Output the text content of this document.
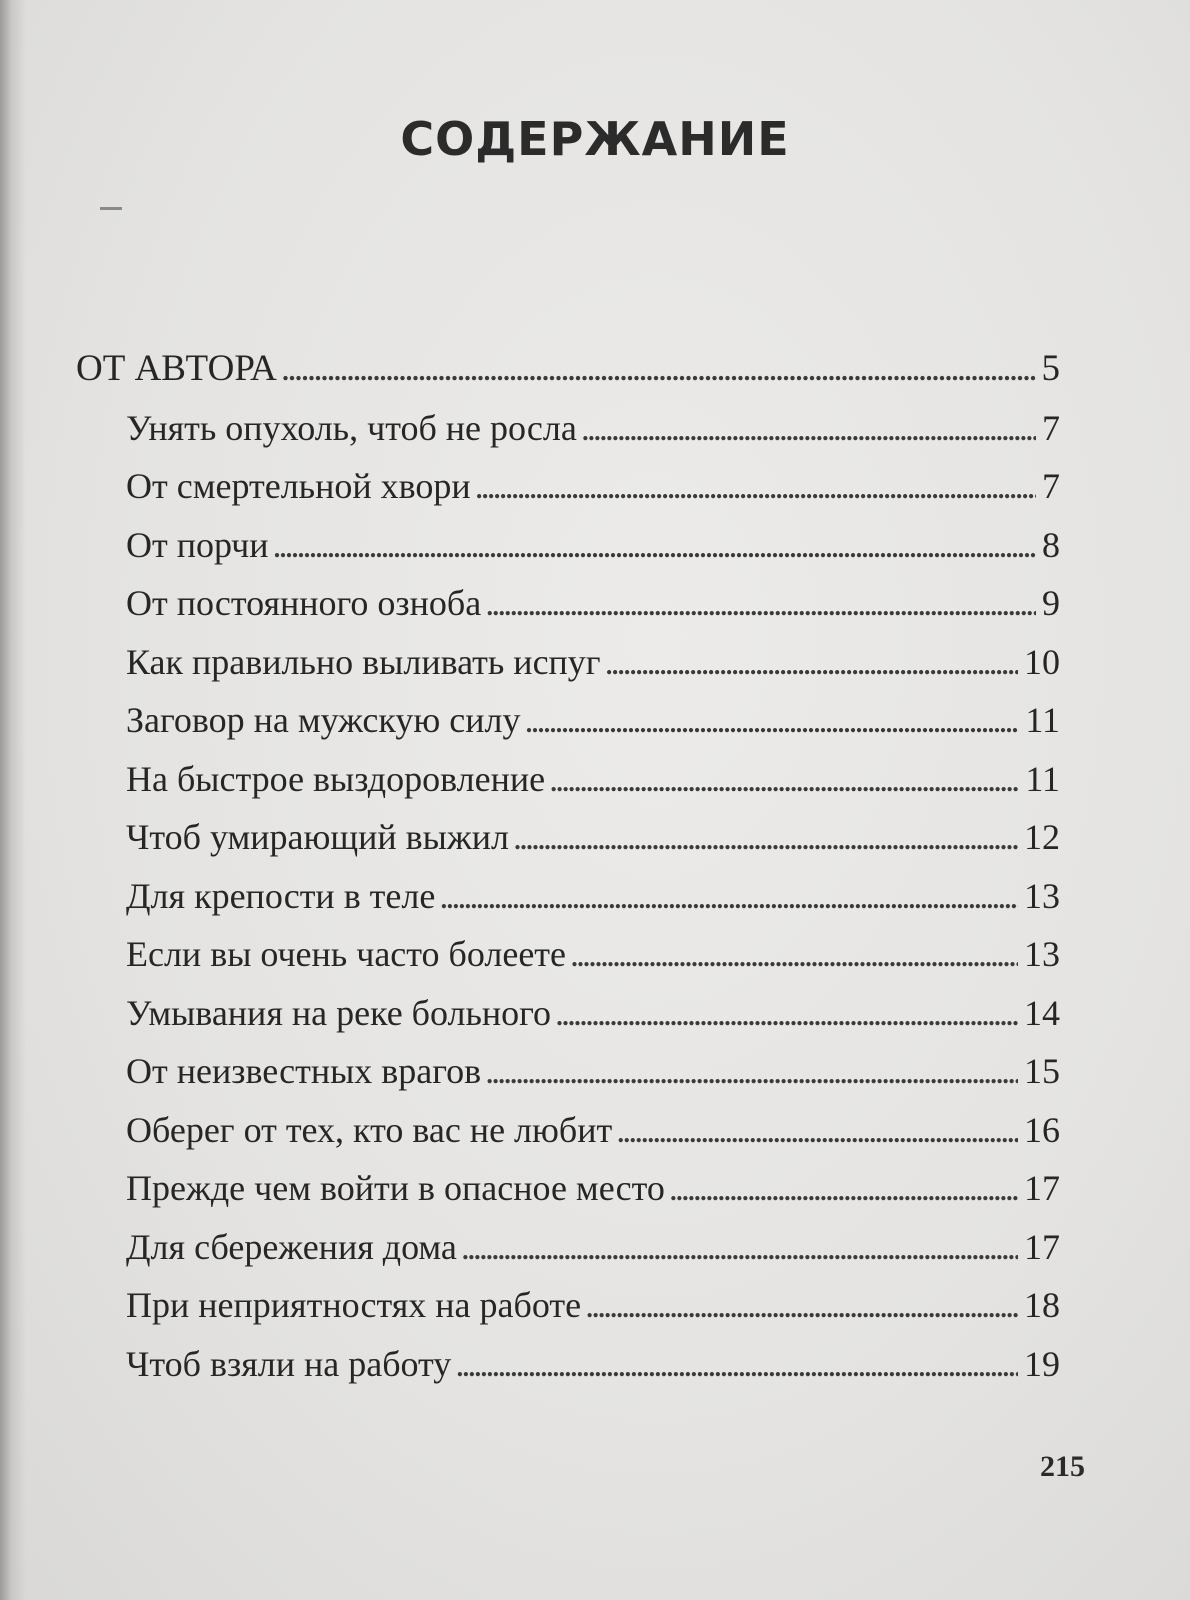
СОДЕРЖАНИЕ
ОТ АВТОРА . . .	5
Унять опухоль, чтоб не росла . . .	7
От смертельной хвори . . .	7
От порчи . . .	8
От постоянного озноба . . .	9
Как правильно выливать испуг . . .	10
Заговор на мужскую силу . . .	11
На быстрое выздоровление . . .	11
Чтоб умирающий выжил . . .	12
Для крепости в теле . . .	13
Если вы очень часто болеете . . .	13
Умывания на реке больного . . .	14
От неизвестных врагов . . .	15
Оберег от тех, кто вас не любит . . .	16
Прежде чем войти в опасное место . . .	17
Для сбережения дома . . .	17
При неприятностях на работе . . .	18
Чтоб взяли на работу . . .	19
215
